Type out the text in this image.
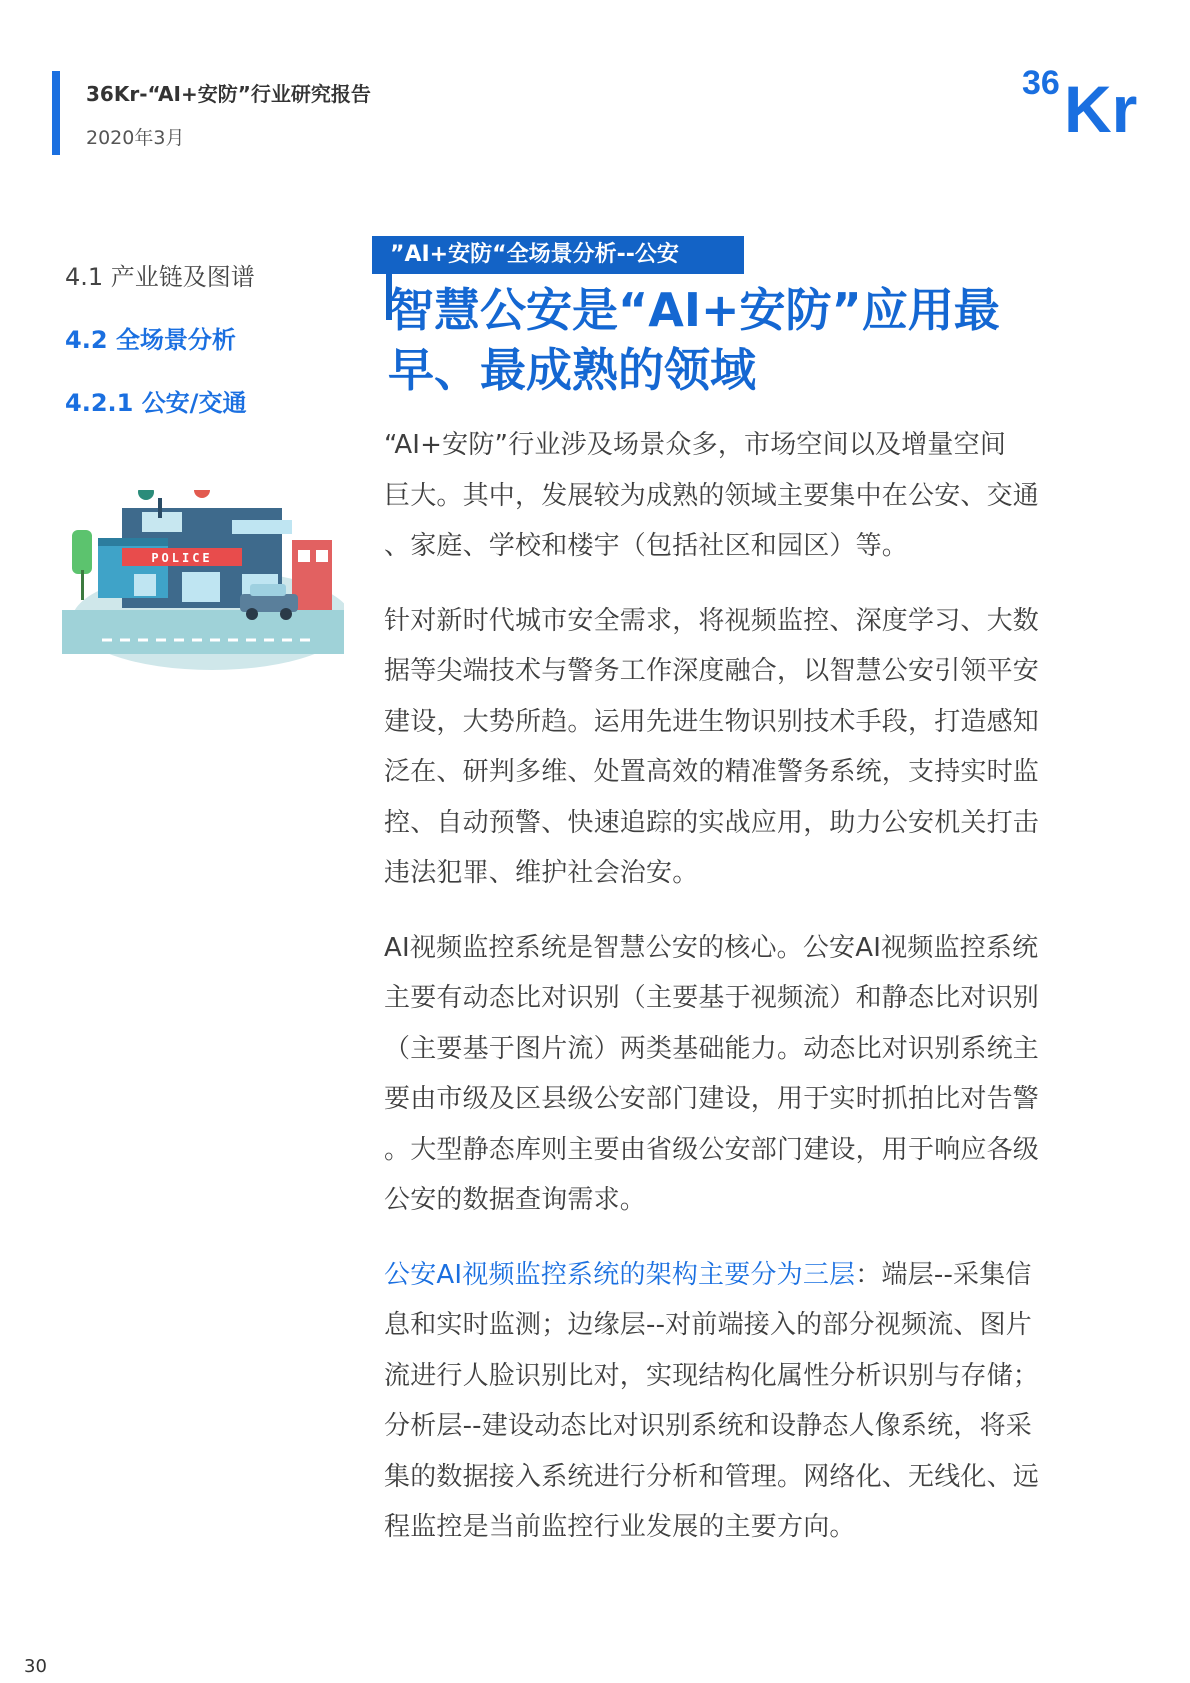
36Kr-“AI+安防”行业研究报告
2020年3月
36 Kr
4.1 产业链及图谱
4.2 全场景分析
4.2.1 公安/交通
POLICE
”AI+安防“全场景分析--公安
智慧公安是“AI+安防”应用最
早、最成熟的领域

“AI+安防”行业涉及场景众多，市场空间以及增量空间
巨大。其中，发展较为成熟的领域主要集中在公安、交通
、家庭、学校和楼宇（包括社区和园区）等。

针对新时代城市安全需求，将视频监控、深度学习、大数
据等尖端技术与警务工作深度融合，以智慧公安引领平安
建设，大势所趋。运用先进生物识别技术手段，打造感知
泛在、研判多维、处置高效的精准警务系统，支持实时监
控、自动预警、快速追踪的实战应用，助力公安机关打击
违法犯罪、维护社会治安。

AI视频监控系统是智慧公安的核心。公安AI视频监控系统
主要有动态比对识别（主要基于视频流）和静态比对识别
（主要基于图片流）两类基础能力。动态比对识别系统主
要由市级及区县级公安部门建设，用于实时抓拍比对告警
。大型静态库则主要由省级公安部门建设，用于响应各级
公安的数据查询需求。

公安AI视频监控系统的架构主要分为三层：端层--采集信
息和实时监测；边缘层--对前端接入的部分视频流、图片
流进行人脸识别比对，实现结构化属性分析识别与存储；
分析层--建设动态比对识别系统和设静态人像系统，将采
集的数据接入系统进行分析和管理。网络化、无线化、远
程监控是当前监控行业发展的主要方向。

30
